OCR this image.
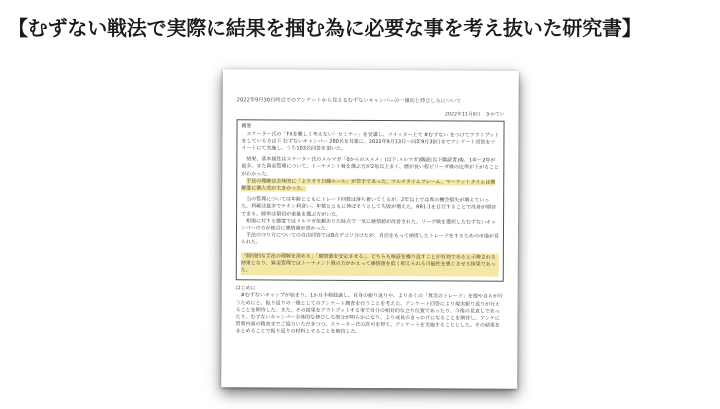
【むずない戦法で実際に結果を掴む為に必要な事を考え抜いた研究書】
2022年9月30日時点でのアンケートから見えるむずないキャンパーの一傾向と伸びしろについて
2022年11月6日　きかてい
概要
スケーター氏の「FXを難しく考えない！セミナー」を受講し、ツイッター上で #むずない をつけてアウトプットをしている方は下 むずないキャンパー 280名を対象に、2022年9月13日〜同年9月30日までアンケート回答をツイートにて実施し、うち103名回答を頂いた。
結果、基本属性はスケーター氏のメルマガ「0からのスメメ」(以下:メルマガ)購読(以下購読者)後、1年〜2年が最多、また資金管理について、トーナメント戦を選ぶ方が2倍以上多く、歴が長い程ビリーダ戦の比率が下がることがわかった。
手法の理解は全体的に「よりすり日線ルール」が苦手であった。マルチタイムフレーム、マーケットタイムは理解度に個人差が大きかった。
当の管理については年齢とともにトレード回数は落ち着いてくるが、2年以上では真の機会損失が増えていった。利確は最多でチキン利食い。年数とともに伸ばそうとして失敗が増えた。RR1:1を目行することで改善が期待できる。勝率は損切が重量を選ぶ方がいた。
相場に対する態度ではメルマガ依頼ありた時点で一気に感情値が改善された。リーグ戦を選択したむずないキャンパーの方が総合に感情値が高かった。
手法の守り方についての自由回答では8点デゴリ分けたが、自信をもって納得したトレードをするための市場が見られた。
「個別的な手法の理解を深める」「感情値を安定させる」、どちらも検証を繰り返すことが有効であると示唆される結果となり、資金管理ではトーナメント戦の方がかえって感情値を低く抑えられる可能性を感じさせる結果であった。
はじめに
#むずないキャンプが始まり、1か月半程経過し、自身の振り返りや、より多くの「真実のトレード」を提や自らが行うためにと、振り返りの一環としてのアンケート調査を行うことを考えた。アンケート回答により現実振り返りが行えることを期待した。また、その結果をアウトプットする事で自分の相対的な立ち位置であったり、今後の見直しであったり、むずないキャンパー全体的な伸びしろ部分が明らかになり、より成長のきっかけになることを期待し、アンケに質問内容の精査までご協力いただきつつ、スケーター氏の許可を得て、アンケートを実施することとした。その結果をまとめることで振り返りの材料とすることを期待した。
